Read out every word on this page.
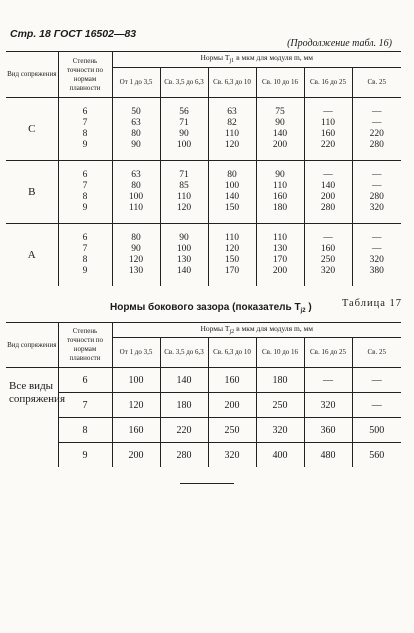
Стр. 18 ГОСТ 16502—83
(Продолжение табл. 16)
Вид сопряжения	Степень точности по нормам плавности	Нормы $T_{j1}$ в мкм для модуля m, мм					
		От 1 до 3,5	Св. 3,5 до 6,3	Св. 6,3 до 10	Св. 10 до 16	Св. 16 до 25	Св. 25
C	6	50	56	63	75	—	—
	7	63	71	82	90	110	—
	8	80	90	110	140	160	220
	9	90	100	120	200	220	280
B	6	63	71	80	90	—	—
	7	80	85	100	110	140	—
	8	100	110	140	160	200	280
	9	110	120	150	180	280	320
A	6	80	90	110	110	—	—
	7	90	100	120	130	160	—
	8	120	130	150	170	250	320
	9	130	140	170	200	320	380
Таблица 17
Нормы бокового зазора (показатель $T_{j2}$ )
Вид сопряжения	Степень точности по нормам плавности	Нормы $T_{j2}$ в мкм для модуля m, мм					
		От 1 до 3,5	Св. 3,5 до 6,3	Св. 6,3 до 10	Св. 10 до 16	Св. 16 до 25	Св. 25
Все виды сопряжения	6	100	140	160	180	—	—
	7	120	180	200	250	320	—
	8	160	220	250	320	360	500
	9	200	280	320	400	480	560
